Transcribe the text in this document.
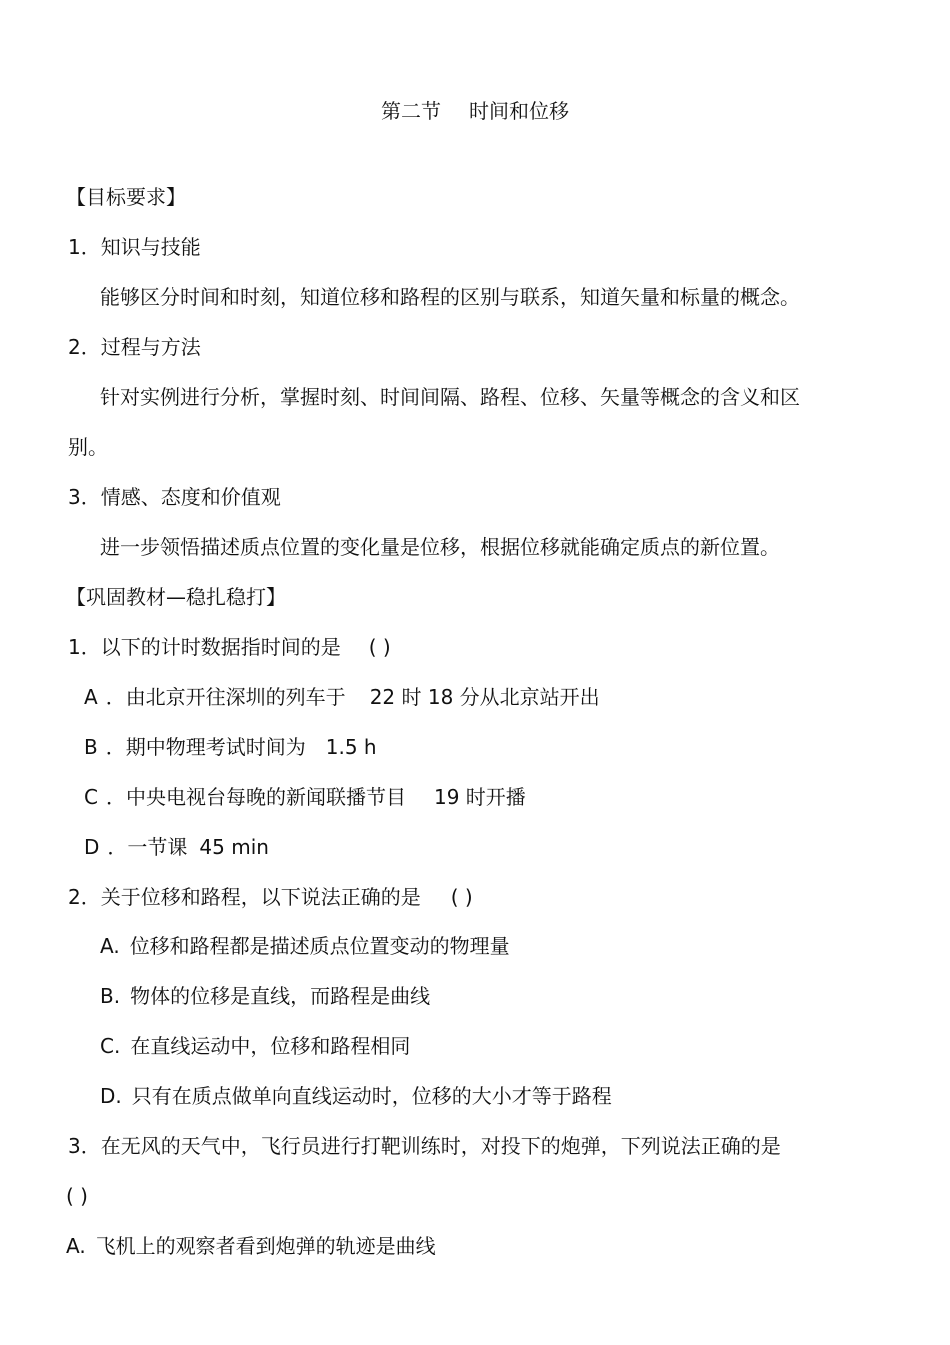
第二节 时间和位移
【目标要求】
1．知识与技能
能够区分时间和时刻，知道位移和路程的区别与联系，知道矢量和标量的概念。
2．过程与方法
针对实例进行分析，掌握时刻、时间间隔、路程、位移、矢量等概念的含义和区
别。
3．情感、态度和价值观
进一步领悟描述质点位置的变化量是位移，根据位移就能确定质点的新位置。
【巩固教材—稳扎稳打】
1．以下的计时数据指时间的是 ( )
A ．由北京开往深圳的列车于 22 时 18 分从北京站开出
B ．期中物理考试时间为 1.5 h
C ．中央电视台每晚的新闻联播节目 19 时开播
D ．一节课 45 min
2．关于位移和路程，以下说法正确的是 ( )
A. 位移和路程都是描述质点位置变动的物理量
B. 物体的位移是直线，而路程是曲线
C. 在直线运动中，位移和路程相同
D. 只有在质点做单向直线运动时，位移的大小才等于路程
3．在无风的天气中，飞行员进行打靶训练时，对投下的炮弹，下列说法正确的是
( )
A. 飞机上的观察者看到炮弹的轨迹是曲线
